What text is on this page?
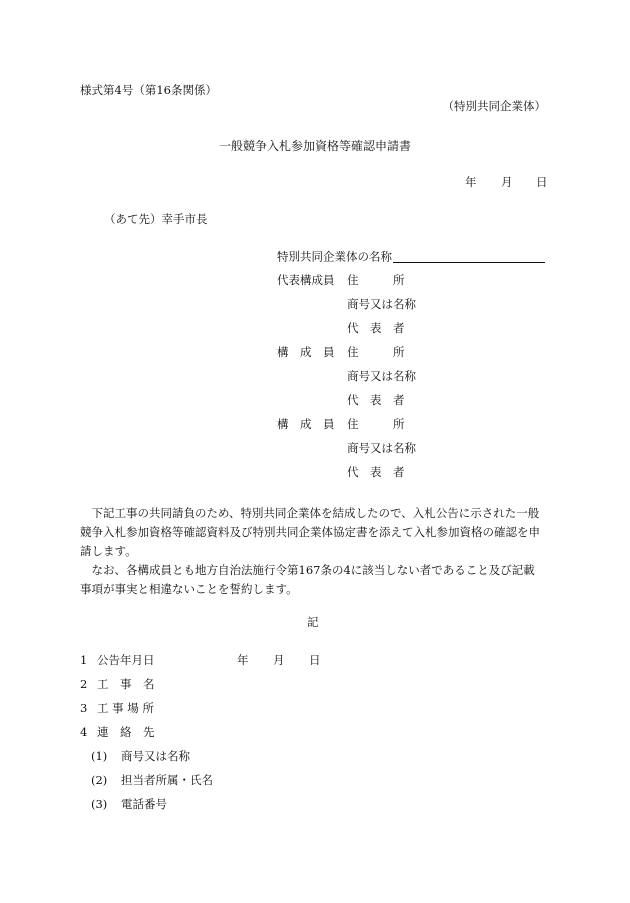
様式第4号（第16条関係）
（特別共同企業体）
一般競争入札参加資格等確認申請書
年 月 日
（あて先）幸手市長
特別共同企業体の名称
代表構成員 住　　　所
商号又は名称
代　表　者
構　成　員 住　　　所
商号又は名称
代　表　者
構　成　員 住　　　所
商号又は名称
代　表　者
　下記工事の共同請負のため、特別共同企業体を結成したので、入札公告に示された一般競争入札参加資格等確認資料及び特別共同企業体協定書を添えて入札参加資格の確認を申請します。
　なお、各構成員とも地方自治法施行令第167条の4に該当しない者であること及び記載事項が事実と相違ないことを誓約します。
記
1 公告年月日	年 月 日
2 工　事　名
3 工 事 場 所
4 連　絡　先
(1) 商号又は名称
(2) 担当者所属・氏名
(3) 電話番号
